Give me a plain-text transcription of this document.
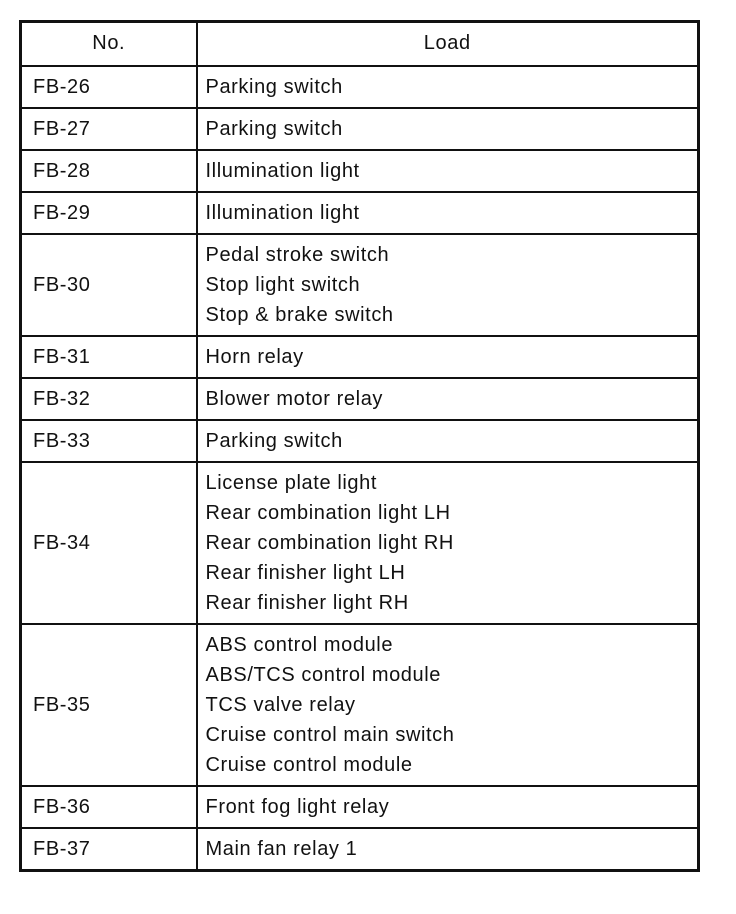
No.	Load
FB-26	Parking switch

FB-27	Parking switch

FB-28	Illumination light

FB-29	Illumination light

FB-30	Pedal stroke switch
Stop light switch
Stop & brake switch

FB-31	Horn relay

FB-32	Blower motor relay

FB-33	Parking switch

FB-34	License plate light
Rear combination light LH
Rear combination light RH
Rear finisher light LH
Rear finisher light RH

FB-35	ABS control module
ABS/TCS control module
TCS valve relay
Cruise control main switch
Cruise control module

FB-36	Front fog light relay

FB-37	Main fan relay 1
